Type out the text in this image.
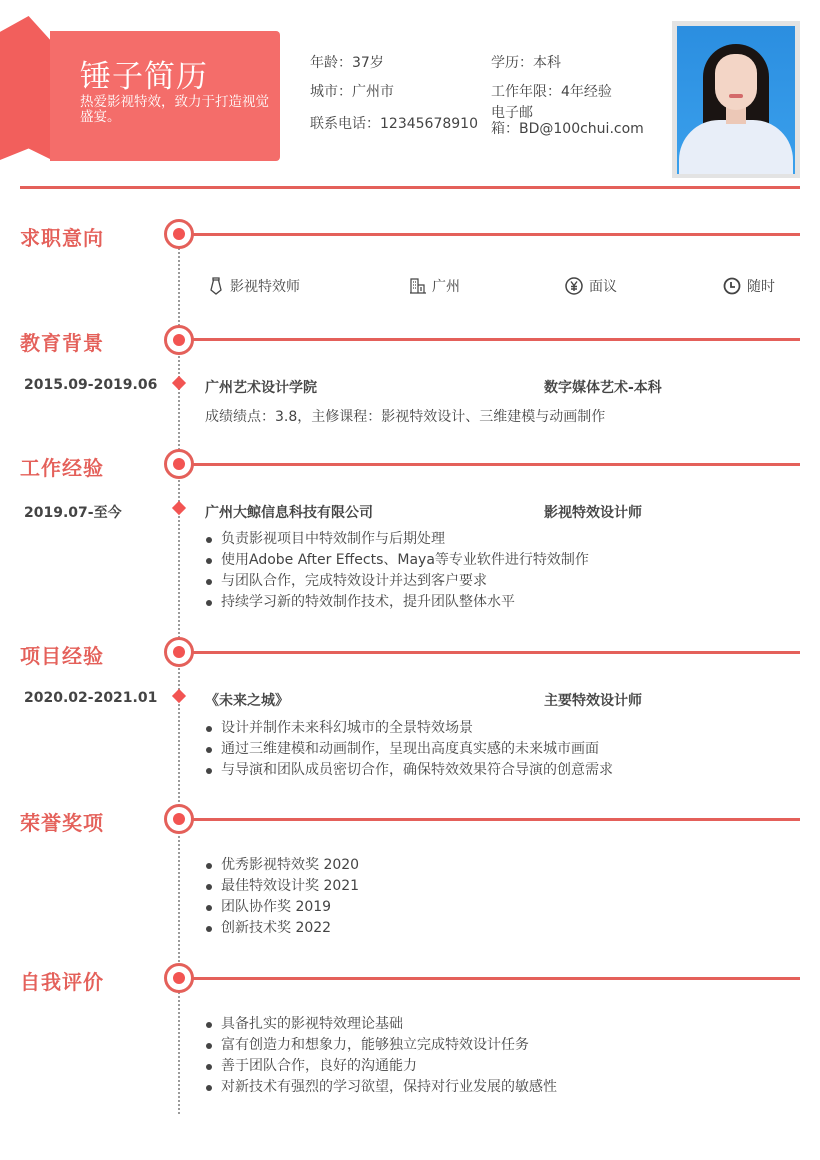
锤子简历
热爱影视特效，致力于打造视觉盛宴。
年龄：37岁	学历：本科
城市：广州市	工作年限：4年经验
联系电话：12345678910
电子邮
箱：BD@100chui.com
求职意向
影视特效师	广州	面议	随时
教育背景
2015.09-2019.06	广州艺术设计学院	数字媒体艺术-本科
成绩绩点：3.8，主修课程：影视特效设计、三维建模与动画制作
工作经验
2019.07-至今	广州大鲸信息科技有限公司	影视特效设计师
负责影视项目中特效制作与后期处理
使用Adobe After Effects、Maya等专业软件进行特效制作
与团队合作，完成特效设计并达到客户要求
持续学习新的特效制作技术，提升团队整体水平
项目经验
2020.02-2021.01	《未来之城》	主要特效设计师
设计并制作未来科幻城市的全景特效场景
通过三维建模和动画制作，呈现出高度真实感的未来城市画面
与导演和团队成员密切合作，确保特效效果符合导演的创意需求
荣誉奖项
优秀影视特效奖 2020
最佳特效设计奖 2021
团队协作奖 2019
创新技术奖 2022
自我评价
具备扎实的影视特效理论基础
富有创造力和想象力，能够独立完成特效设计任务
善于团队合作，良好的沟通能力
对新技术有强烈的学习欲望，保持对行业发展的敏感性
